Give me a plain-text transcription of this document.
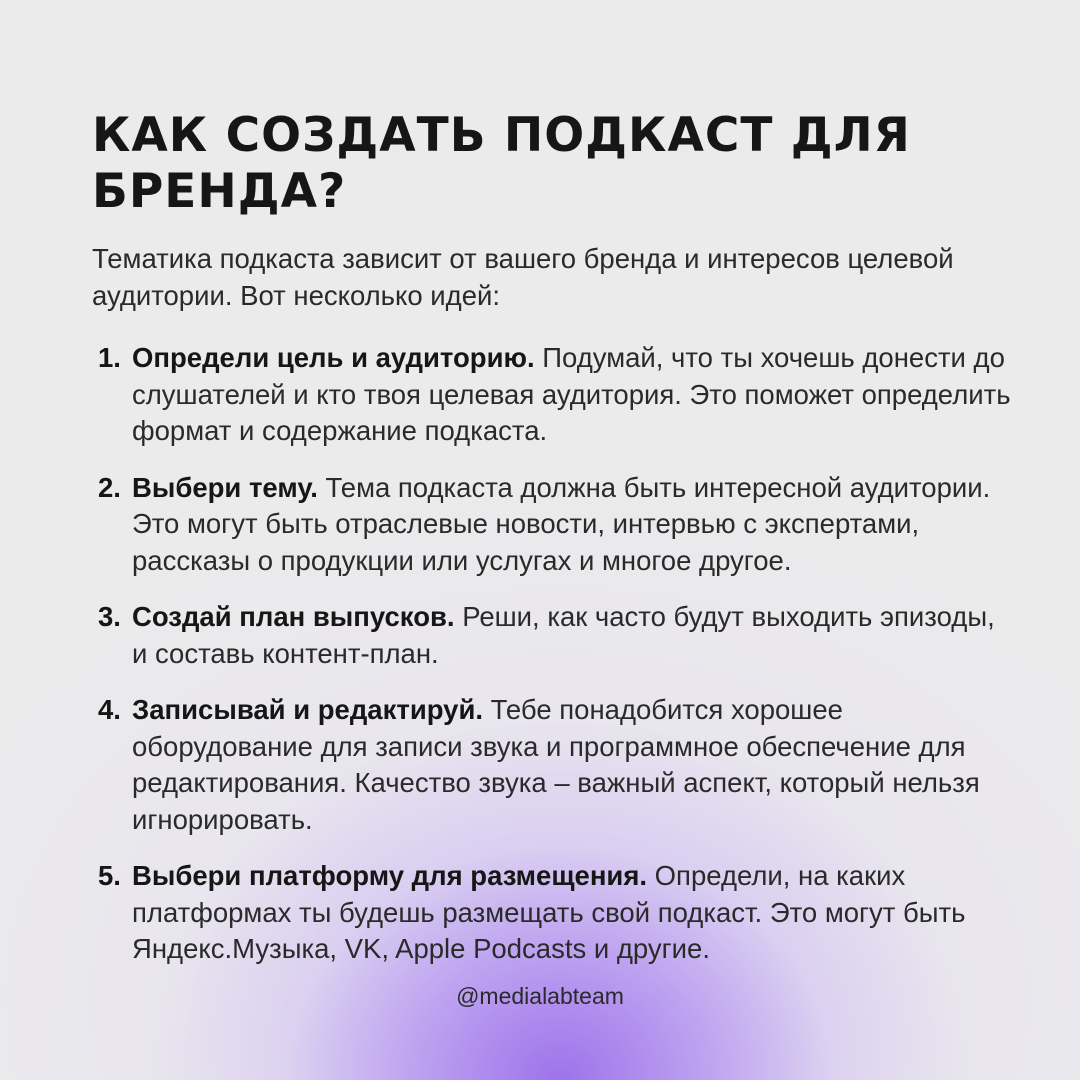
КАК СОЗДАТЬ ПОДКАСТ ДЛЯ БРЕНДА?

Тематика подкаста зависит от вашего бренда и интересов целевой аудитории. Вот несколько идей:

1. Определи цель и аудиторию. Подумай, что ты хочешь донести до слушателей и кто твоя целевая аудитория. Это поможет определить формат и содержание подкаста.
2. Выбери тему. Тема подкаста должна быть интересной аудитории. Это могут быть отраслевые новости, интервью с экспертами, рассказы о продукции или услугах и многое другое.
3. Создай план выпусков. Реши, как часто будут выходить эпизоды, и составь контент-план.
4. Записывай и редактируй. Тебе понадобится хорошее оборудование для записи звука и программное обеспечение для редактирования. Качество звука – важный аспект, который нельзя игнорировать.
5. Выбери платформу для размещения. Определи, на каких платформах ты будешь размещать свой подкаст. Это могут быть Яндекс.Музыка, VK, Apple Podcasts и другие.
@medialabteam
